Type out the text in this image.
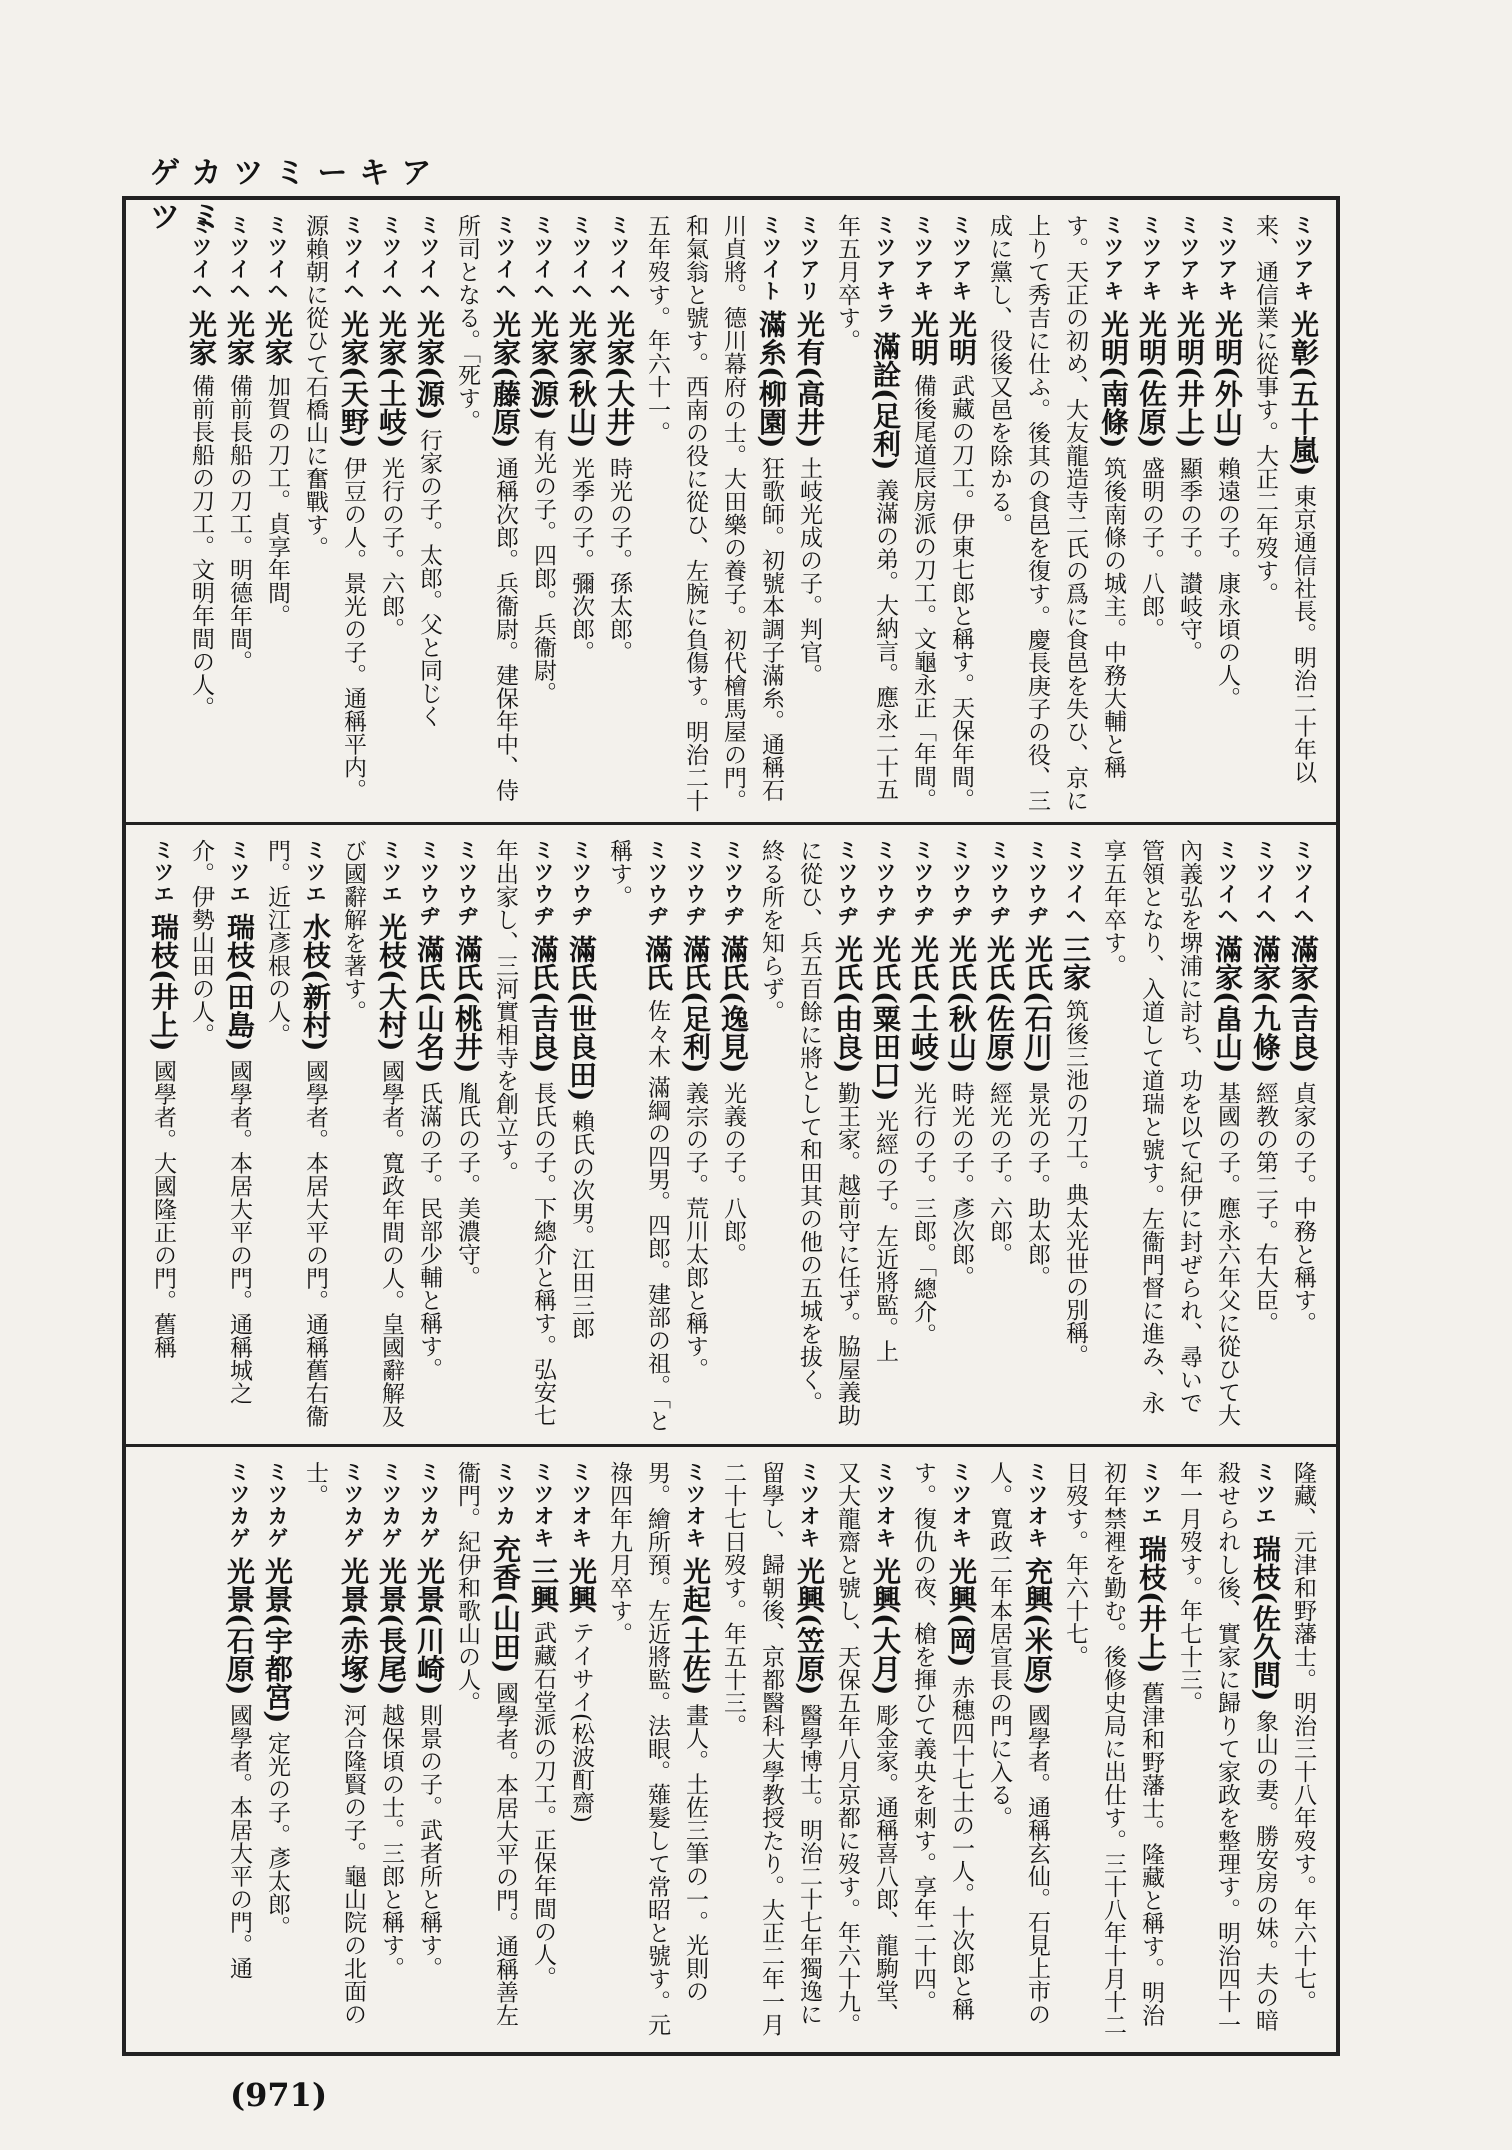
ゲカツミーキアツミ	ミツアキ 光彰(五十嵐) 東京通信社長。明治二十年以来、通信業に從事す。大正二年歿す。

ミツアキ 光明(外山) 賴遠の子。康永頃の人。

ミツアキ 光明(井上) 顯季の子。讃岐守。

ミツアキ 光明(佐原) 盛明の子。八郎。

ミツアキ 光明(南條) 筑後南條の城主。中務大輔と稱す。天正の初め、大友龍造寺二氏の爲に食邑を失ひ、京に上りて秀吉に仕ふ。後其の食邑を復す。慶長庚子の役、三成に黨し、役後又邑を除かる。

ミツアキ 光明 武藏の刀工。伊東七郎と稱す。天保年間。

ミツアキ 光明 備後尾道辰房派の刀工。文龜永正「年間。

ミツアキラ 滿詮(足利) 義滿の弟。大納言。應永二十五年五月卒す。

ミツアリ 光有(高井) 土岐光成の子。判官。

ミツイト 滿糸(柳園) 狂歌師。初號本調子滿糸。通稱石川貞將。德川幕府の士。大田樂の養子。初代檜馬屋の門。和氣翁と號す。西南の役に從ひ、左腕に負傷す。明治二十五年歿す。年六十一。

ミツイヘ 光家(大井) 時光の子。孫太郎。

ミツイヘ 光家(秋山) 光季の子。彌次郎。

ミツイヘ 光家(源) 有光の子。四郎。兵衞尉。

ミツイヘ 光家(藤原) 通稱次郎。兵衞尉。建保年中、侍所司となる。「死す。

ミツイヘ 光家(源) 行家の子。太郎。父と同じく

ミツイヘ 光家(土岐) 光行の子。六郎。

ミツイヘ 光家(天野) 伊豆の人。景光の子。通稱平内。源賴朝に從ひて石橋山に奮戰す。

ミツイヘ 光家 加賀の刀工。貞享年間。

ミツイヘ 光家 備前長船の刀工。明德年間。

ミツイヘ 光家 備前長船の刀工。文明年間の人。

ミツイヘ 滿家(吉良) 貞家の子。中務と稱す。

ミツイヘ 滿家(九條) 經教の第二子。右大臣。

ミツイヘ 滿家(畠山) 基國の子。應永六年父に從ひて大內義弘を堺浦に討ち、功を以て紀伊に封ぜられ、尋いで管領となり、入道して道瑞と號す。左衞門督に進み、永享五年卒す。

ミツイヘ 三家 筑後三池の刀工。典太光世の別稱。

ミツウヂ 光氏(石川) 景光の子。助太郎。

ミツウヂ 光氏(佐原) 經光の子。六郎。

ミツウヂ 光氏(秋山) 時光の子。彥次郎。

ミツウヂ 光氏(土岐) 光行の子。三郎。「總介。

ミツウヂ 光氏(粟田口) 光經の子。左近將監。上

ミツウヂ 光氏(由良) 勤王家。越前守に任ず。脇屋義助に從ひ、兵五百餘に將として和田其の他の五城を拔く。終る所を知らず。

ミツウヂ 滿氏(逸見) 光義の子。八郎。

ミツウヂ 滿氏(足利) 義宗の子。荒川太郎と稱す。

ミツウヂ 滿氏 佐々木 滿綱の四男。四郎。建部の祖。「と稱す。

ミツウヂ 滿氏(世良田) 賴氏の次男。江田三郎

ミツウヂ 滿氏(吉良) 長氏の子。下總介と稱す。弘安七年出家し、三河實相寺を創立す。

ミツウヂ 滿氏(桃井) 胤氏の子。美濃守。

ミツウヂ 滿氏(山名) 氏滿の子。民部少輔と稱す。

ミツエ 光枝(大村) 國學者。寬政年間の人。皇國辭解及び國辭解を著す。

ミツエ 水枝(新村) 國學者。本居大平の門。通稱舊右衞門。近江彥根の人。

ミツエ 瑞枝(田島) 國學者。本居大平の門。通稱城之介。伊勢山田の人。

ミツエ 瑞枝(井上) 國學者。大國隆正の門。舊稱

隆藏、元津和野藩士。明治三十八年歿す。年六十七。

ミツエ 瑞枝(佐久間) 象山の妻。勝安房の妹。夫の暗殺せられし後、實家に歸りて家政を整理す。明治四十一年一月歿す。年七十三。

ミツエ 瑞枝(井上) 舊津和野藩士。隆藏と稱す。明治初年禁裡を勤む。後修史局に出仕す。三十八年十月十二日歿す。年六十七。

ミツオキ 充興(米原) 國學者。通稱玄仙。石見上市の人。寬政二年本居宣長の門に入る。

ミツオキ 光興(岡) 赤穗四十七士の一人。十次郎と稱す。復仇の夜、槍を揮ひて義央を刺す。享年二十四。

ミツオキ 光興(大月) 彫金家。通稱喜八郎、龍駒堂、又大龍齋と號し、天保五年八月京都に歿す。年六十九。

ミツオキ 光興(笠原) 醫學博士。明治二十七年獨逸に留學し、歸朝後、京都醫科大學教授たり。大正二年一月二十七日歿す。年五十三。

ミツオキ 光起(土佐) 畫人。土佐三筆の一。光則の男。繪所預。左近將監。法眼。薙髮して常昭と號す。元祿四年九月卒す。

ミツオキ 光興 テイサイ(松波酊齋)

ミツオキ 三興 武藏石堂派の刀工。正保年間の人。

ミツカ 充香(山田) 國學者。本居大平の門。通稱善左衞門。紀伊和歌山の人。

ミツカゲ 光景(川崎) 則景の子。武者所と稱す。

ミツカゲ 光景(長尾) 越保頃の士。三郎と稱す。

ミツカゲ 光景(赤塚) 河合隆賢の子。龜山院の北面の士。

ミツカゲ 光景(宇都宮) 定光の子。彥太郎。

ミツカゲ 光景(石原) 國學者。本居大平の門。通

(971)
